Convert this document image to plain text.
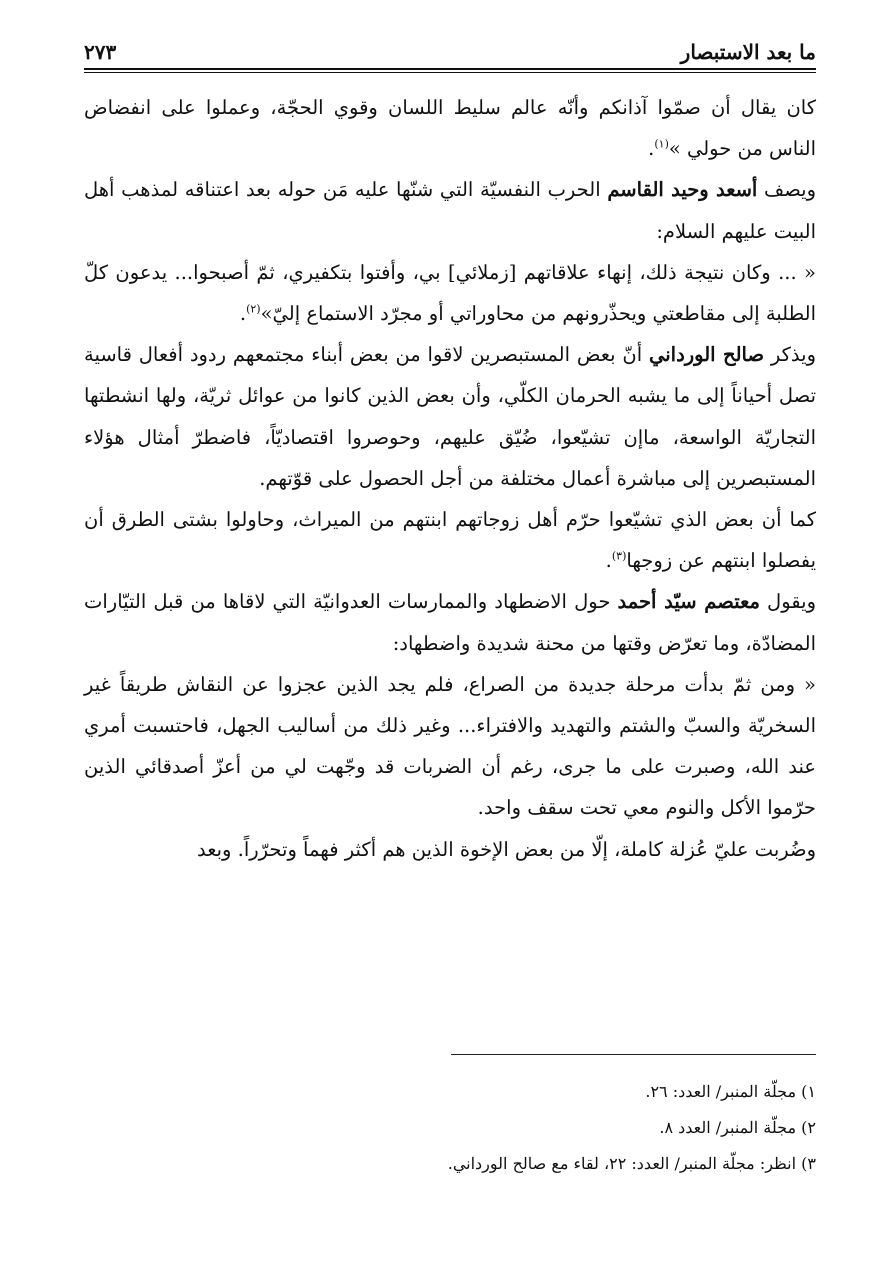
ما بعد الاستبصار
٢٧٣

كان يقال أن صمّوا آذانكم وأنّه عالم سليط اللسان وقوي الحجّة، وعملوا على انفضاض الناس من حولي »$^{(١)}$.

ويصف أسعد وحيد القاسم الحرب النفسيّة التي شنّها عليه مَن حوله بعد اعتناقه لمذهب أهل البيت عليهم السلام:

« ... وكان نتيجة ذلك، إنهاء علاقاتهم [زملائي] بي، وأفتوا بتكفيري، ثمّ أصبحوا... يدعون كلّ الطلبة إلى مقاطعتي ويحذّرونهم من محاوراتي أو مجرّد الاستماع إليّ»$^{(٢)}$.

ويذكر صالح الورداني أنّ بعض المستبصرين لاقوا من بعض أبناء مجتمعهم ردود أفعال قاسية تصل أحياناً إلى ما يشبه الحرمان الكلّي، وأن بعض الذين كانوا من عوائل ثريّة، ولها انشطتها التجاريّة الواسعة، ماإن تشيّعوا، ضُيّق عليهم، وحوصروا اقتصاديّاً، فاضطرّ أمثال هؤلاء المستبصرين إلى مباشرة أعمال مختلفة من أجل الحصول على قوّتهم.

كما أن بعض الذي تشيّعوا حرّم أهل زوجاتهم ابنتهم من الميراث، وحاولوا بشتى الطرق أن يفصلوا ابنتهم عن زوجها$^{(٣)}$.

ويقول معتصم سيّد أحمد حول الاضطهاد والممارسات العدوانيّة التي لاقاها من قبل التيّارات المضادّة، وما تعرّض وقتها من محنة شديدة واضطهاد:

« ومن ثمّ بدأت مرحلة جديدة من الصراع، فلم يجد الذين عجزوا عن النقاش طريقاً غير السخريّة والسبّ والشتم والتهديد والافتراء... وغير ذلك من أساليب الجهل، فاحتسبت أمري عند الله، وصبرت على ما جرى، رغم أن الضربات قد وجّهت لي من أعزّ أصدقائي الذين حرّموا الأكل والنوم معي تحت سقف واحد.

وضُربت عليّ عُزلة كاملة، إلّا من بعض الإخوة الذين هم أكثر فهماً وتحرّراً. وبعد

١) مجلّة المنبر/ العدد: ٢٦.
٢) مجلّة المنبر/ العدد ٨.
٣) انظر: مجلّة المنبر/ العدد: ٢٢، لقاء مع صالح الورداني.
